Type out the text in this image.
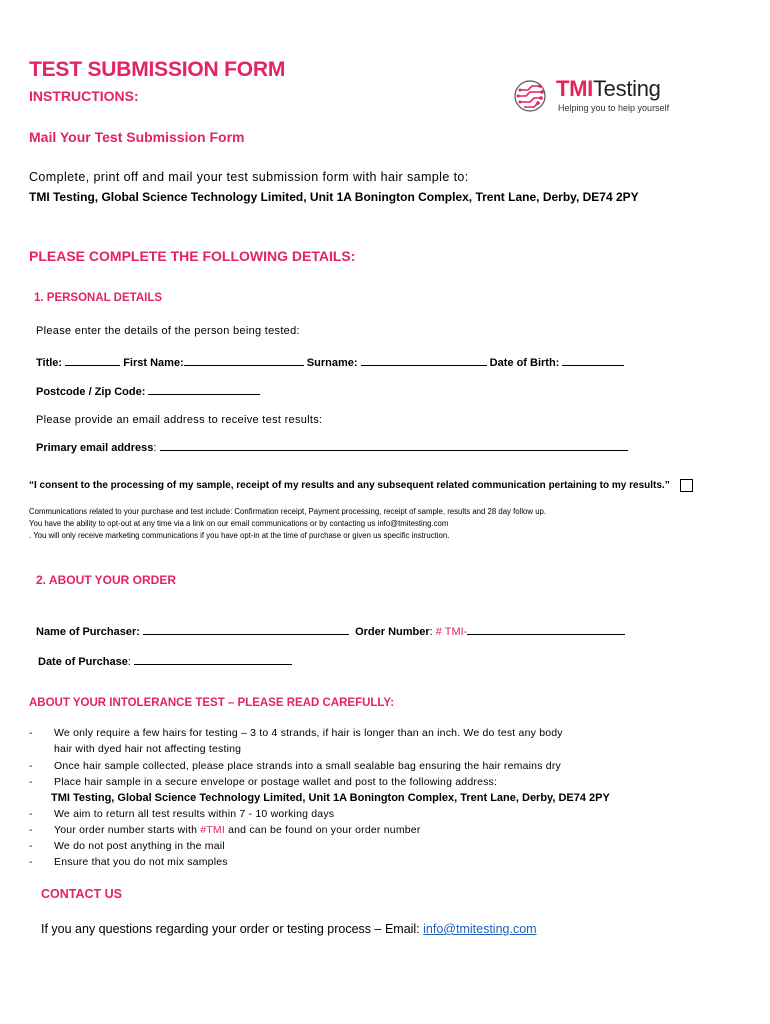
TEST SUBMISSION FORM
INSTRUCTIONS:	TMITesting
Helping you to help yourself
Mail Your Test Submission Form
Complete, print off and mail your test submission form with hair sample to:
TMI Testing, Global Science Technology Limited, Unit 1A Bonington Complex, Trent Lane, Derby, DE74 2PY
PLEASE COMPLETE THE FOLLOWING DETAILS:
1. PERSONAL DETAILS
Please enter the details of the person being tested:
Title:	First Name:	Surname:	Date of Birth:
Postcode / Zip Code:
Please provide an email address to receive test results:
Primary email address:
“I consent to the processing of my sample, receipt of my results and any subsequent related communication pertaining to my results.”
Communications related to your purchase and test include: Confirmation receipt, Payment processing, receipt of sample, results and 28 day follow up.
You have the ability to opt-out at any time via a link on our email communications or by contacting us info@tmitesting.com
. You will only receive marketing communications if you have opt-in at the time of purchase or given us specific instruction.
2. ABOUT YOUR ORDER
Name of Purchaser:	Order Number: # TMI-
Date of Purchase:
ABOUT YOUR INTOLERANCE TEST – PLEASE READ CAREFULLY:
- We only require a few hairs for testing – 3 to 4 strands, if hair is longer than an inch. We do test any body
hair with dyed hair not affecting testing
- Once hair sample collected, please place strands into a small sealable bag ensuring the hair remains dry
- Place hair sample in a secure envelope or postage wallet and post to the following address:
TMI Testing, Global Science Technology Limited, Unit 1A Bonington Complex, Trent Lane, Derby, DE74 2PY
- We aim to return all test results within 7 - 10 working days
- Your order number starts with #TMI and can be found on your order number
- We do not post anything in the mail
- Ensure that you do not mix samples
CONTACT US
If you any questions regarding your order or testing process – Email: info@tmitesting.com
